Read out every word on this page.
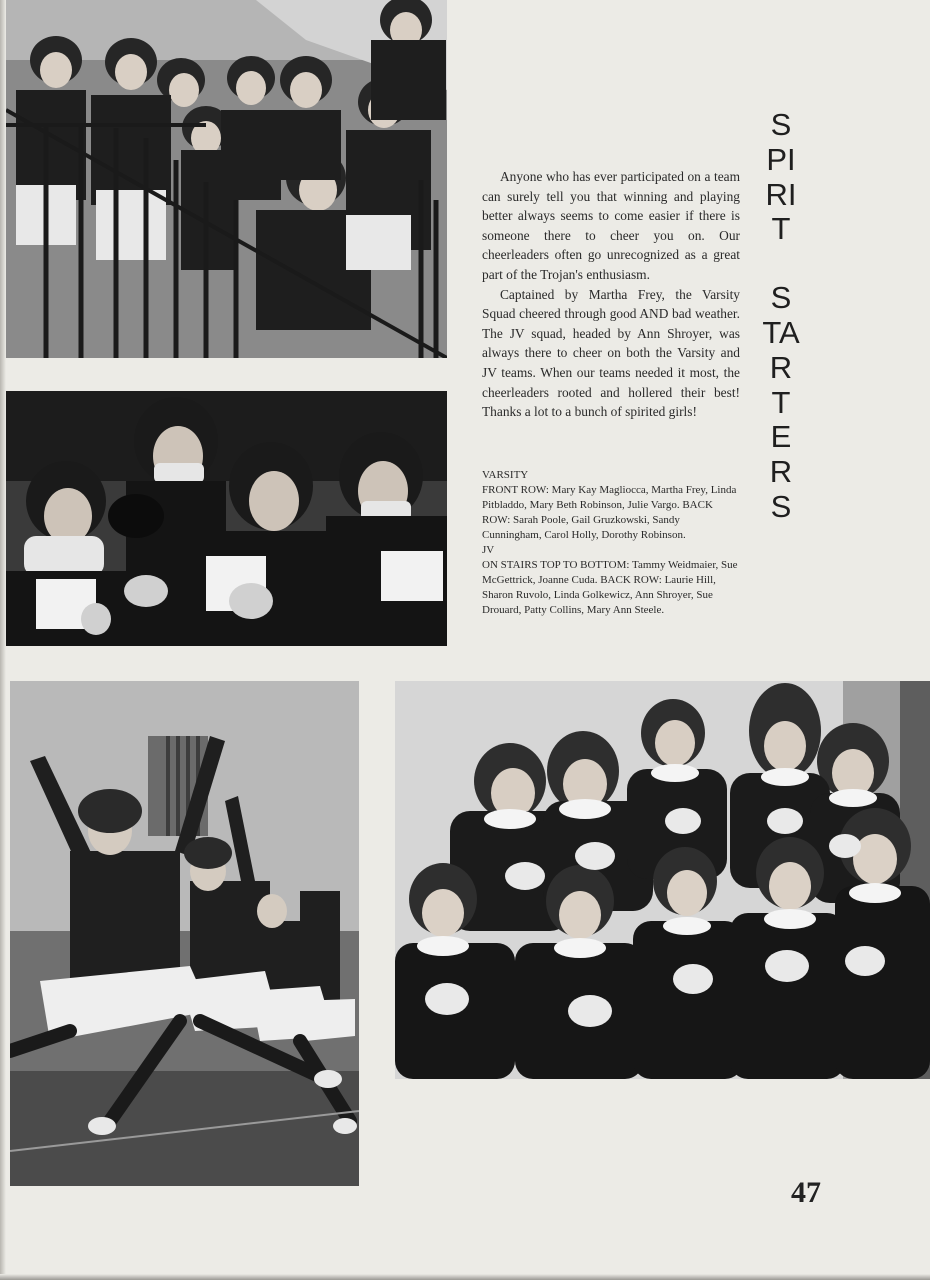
Anyone who has ever participated on a team can surely tell you that winning and playing better always seems to come easier if there is someone there to cheer you on. Our cheerleaders often go unrecognized as a great part of the Trojan's enthusiasm.

Captained by Martha Frey, the Varsity Squad cheered through good AND bad weather. The JV squad, headed by Ann Shroyer, was always there to cheer on both the Varsity and JV teams. When our teams needed it most, the cheerleaders rooted and hollered their best! Thanks a lot to a bunch of spirited girls!

VARSITY

FRONT ROW: Mary Kay Magliocca, Martha Frey, Linda Pitbladdo, Mary Beth Robinson, Julie Vargo. BACK ROW: Sarah Poole, Gail Gruzkowski, Sandy Cunningham, Carol Holly, Dorothy Robinson.

JV

ON STAIRS TOP TO BOTTOM: Tammy Weidmaier, Sue McGettrick, Joanne Cuda. BACK ROW: Laurie Hill, Sharon Ruvolo, Linda Golkewicz, Ann Shroyer, Sue Drouard, Patty Collins, Mary Ann Steele.

SPIRIT
STARTERS
47
